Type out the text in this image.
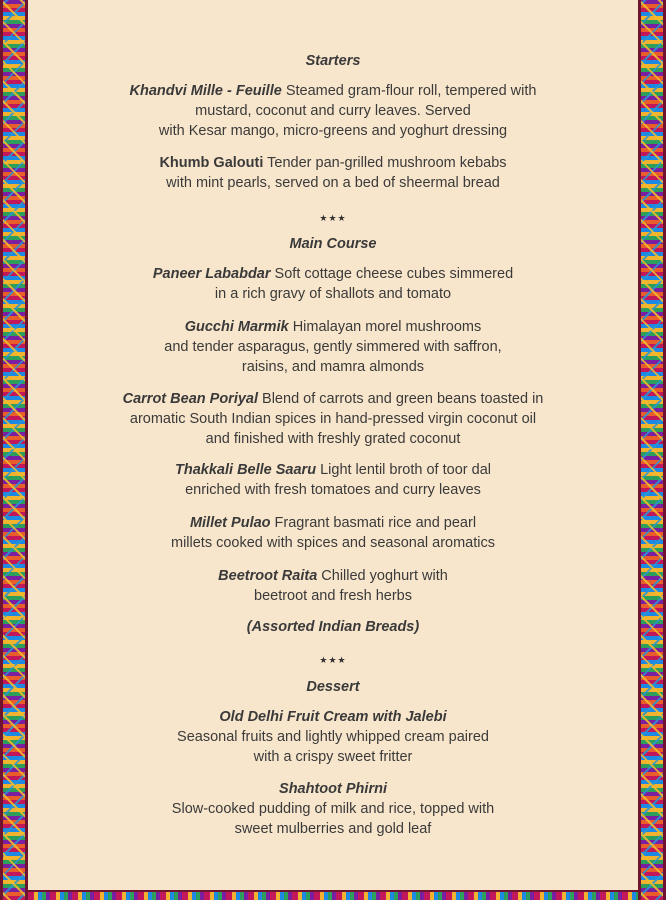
Starters

Khandvi Mille - Feuille Steamed gram-flour roll, tempered with
mustard, coconut and curry leaves. Served
with Kesar mango, micro-greens and yoghurt dressing

Khumb Galouti Tender pan-grilled mushroom kebabs
with mint pearls, served on a bed of sheermal bread

★★★

Main Course

Paneer Lababdar Soft cottage cheese cubes simmered
in a rich gravy of shallots and tomato

Gucchi Marmik Himalayan morel mushrooms
and tender asparagus, gently simmered with saffron,
raisins, and mamra almonds

Carrot Bean Poriyal Blend of carrots and green beans toasted in
aromatic South Indian spices in hand-pressed virgin coconut oil
and finished with freshly grated coconut

Thakkali Belle Saaru Light lentil broth of toor dal
enriched with fresh tomatoes and curry leaves

Millet Pulao Fragrant basmati rice and pearl
millets cooked with spices and seasonal aromatics

Beetroot Raita Chilled yoghurt with
beetroot and fresh herbs

(Assorted Indian Breads)

★★★

Dessert

Old Delhi Fruit Cream with Jalebi
Seasonal fruits and lightly whipped cream paired
with a crispy sweet fritter

Shahtoot Phirni
Slow-cooked pudding of milk and rice, topped with
sweet mulberries and gold leaf
